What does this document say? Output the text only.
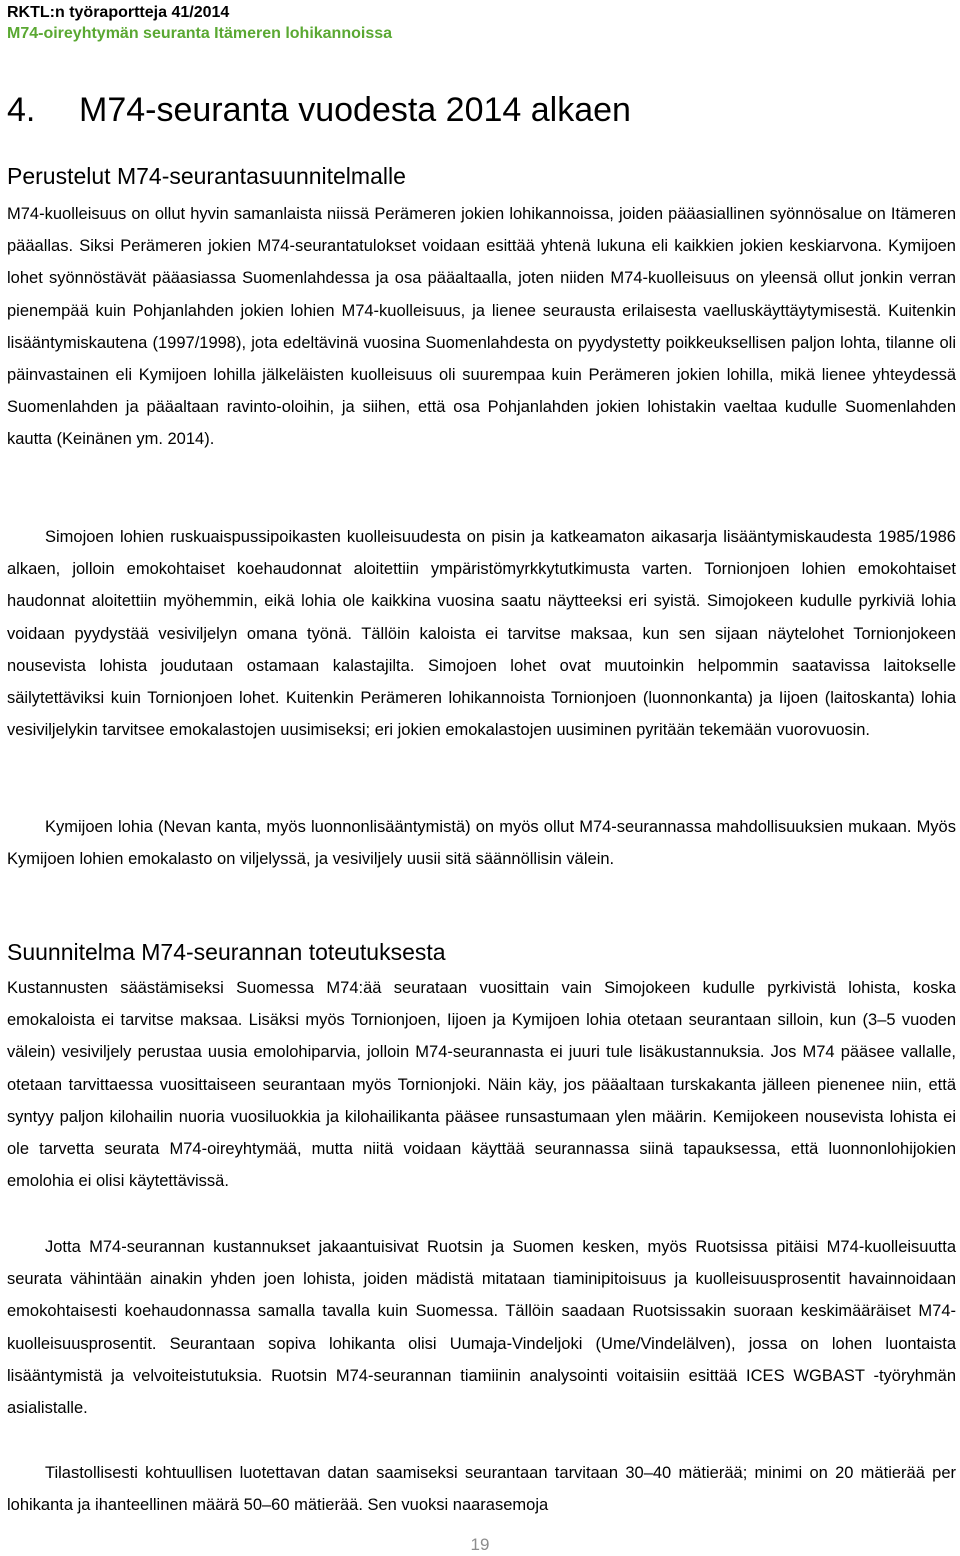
RKTL:n työraportteja 41/2014
M74-oireyhtymän seuranta Itämeren lohikannoissa
4. M74-seuranta vuodesta 2014 alkaen
Perustelut M74-seurantasuunnitelmalle

M74-kuolleisuus on ollut hyvin samanlaista niissä Perämeren jokien lohikannoissa, joiden pääasiallinen syönnösalue on Itämeren pääallas. Siksi Perämeren jokien M74-seurantatulokset voidaan esittää yhtenä lukuna eli kaikkien jokien keskiarvona. Kymijoen lohet syönnöstävät pääasiassa Suomenlahdessa ja osa pääaltaalla, joten niiden M74-kuolleisuus on yleensä ollut jonkin verran pienempää kuin Pohjanlahden jokien lohien M74-kuolleisuus, ja lienee seurausta erilaisesta vaelluskäyttäytymisestä. Kuitenkin lisääntymiskautena (1997/1998), jota edeltävinä vuosina Suomenlahdesta on pyydystetty poikkeuksellisen paljon lohta, tilanne oli päinvastainen eli Kymijoen lohilla jälkeläisten kuolleisuus oli suurempaa kuin Perämeren jokien lohilla, mikä lienee yhteydessä Suomenlahden ja pääaltaan ravinto-oloihin, ja siihen, että osa Pohjanlahden jokien lohistakin vaeltaa kudulle Suomenlahden kautta (Keinänen ym. 2014).

Simojoen lohien ruskuaispussipoikasten kuolleisuudesta on pisin ja katkeamaton aikasarja lisääntymiskaudesta 1985/1986 alkaen, jolloin emokohtaiset koehaudonnat aloitettiin ympäristömyrkkytutkimusta varten. Tornionjoen lohien emokohtaiset haudonnat aloitettiin myöhemmin, eikä lohia ole kaikkina vuosina saatu näytteeksi eri syistä. Simojokeen kudulle pyrkiviä lohia voidaan pyydystää vesiviljelyn omana työnä. Tällöin kaloista ei tarvitse maksaa, kun sen sijaan näytelohet Tornionjokeen nousevista lohista joudutaan ostamaan kalastajilta. Simojoen lohet ovat muutoinkin helpommin saatavissa laitokselle säilytettäviksi kuin Tornionjoen lohet. Kuitenkin Perämeren lohikannoista Tornionjoen (luonnonkanta) ja Iijoen (laitoskanta) lohia vesiviljelykin tarvitsee emokalastojen uusimiseksi; eri jokien emokalastojen uusiminen pyritään tekemään vuorovuosin.

Kymijoen lohia (Nevan kanta, myös luonnonlisääntymistä) on myös ollut M74-seurannassa mahdollisuuksien mukaan. Myös Kymijoen lohien emokalasto on viljelyssä, ja vesiviljely uusii sitä säännöllisin välein.

Suunnitelma M74-seurannan toteutuksesta

Kustannusten säästämiseksi Suomessa M74:ää seurataan vuosittain vain Simojokeen kudulle pyrkivistä lohista, koska emokaloista ei tarvitse maksaa. Lisäksi myös Tornionjoen, Iijoen ja Kymijoen lohia otetaan seurantaan silloin, kun (3–5 vuoden välein) vesiviljely perustaa uusia emolohiparvia, jolloin M74-seurannasta ei juuri tule lisäkustannuksia. Jos M74 pääsee vallalle, otetaan tarvittaessa vuosittaiseen seurantaan myös Tornionjoki. Näin käy, jos pääaltaan turskakanta jälleen pienenee niin, että syntyy paljon kilohailin nuoria vuosiluokkia ja kilohailikanta pääsee runsastumaan ylen määrin. Kemijokeen nousevista lohista ei ole tarvetta seurata M74-oireyhtymää, mutta niitä voidaan käyttää seurannassa siinä tapauksessa, että luonnonlohijokien emolohia ei olisi käytettävissä.

Jotta M74-seurannan kustannukset jakaantuisivat Ruotsin ja Suomen kesken, myös Ruotsissa pitäisi M74-kuolleisuutta seurata vähintään ainakin yhden joen lohista, joiden mädistä mitataan tiaminipitoisuus ja kuolleisuusprosentit havainnoidaan emokohtaisesti koehaudonnassa samalla tavalla kuin Suomessa. Tällöin saadaan Ruotsissakin suoraan keskimääräiset M74-kuolleisuusprosentit. Seurantaan sopiva lohikanta olisi Uumaja-Vindeljoki (Ume/Vindelälven), jossa on lohen luontaista lisääntymistä ja velvoiteistutuksia. Ruotsin M74-seurannan tiamiinin analysointi voitaisiin esittää ICES WGBAST -työryhmän asialistalle.

Tilastollisesti kohtuullisen luotettavan datan saamiseksi seurantaan tarvitaan 30–40 mätierää; minimi on 20 mätierää per lohikanta ja ihanteellinen määrä 50–60 mätierää. Sen vuoksi naarasemoja

19
